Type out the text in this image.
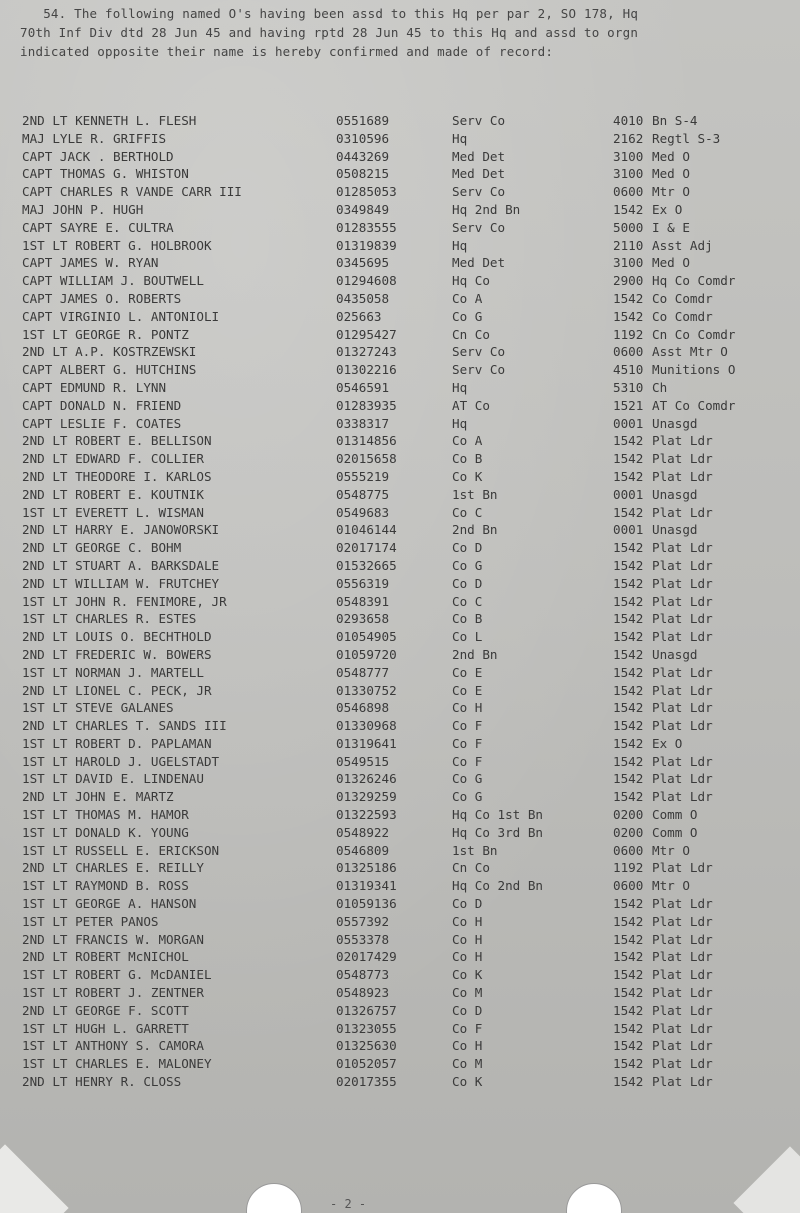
54. The following named O's having been assd to this Hq per par 2, SO 178, Hq
70th Inf Div dtd 28 Jun 45 and having rptd 28 Jun 45 to this Hq and assd to orgn
indicated opposite their name is hereby confirmed and made of record:
2ND LT KENNETH L. FLESH	0551689	Serv Co	4010 Bn S-4
MAJ LYLE R. GRIFFIS	0310596	Hq	2162 Regtl S-3
CAPT JACK . BERTHOLD	0443269	Med Det	3100 Med O
CAPT THOMAS G. WHISTON	0508215	Med Det	3100 Med O
CAPT CHARLES R VANDE CARR III	01285053	Serv Co	0600 Mtr O
MAJ JOHN P. HUGH	0349849	Hq 2nd Bn	1542 Ex O
CAPT SAYRE E. CULTRA	01283555	Serv Co	5000 I & E
1ST LT ROBERT G. HOLBROOK	01319839	Hq	2110 Asst Adj
CAPT JAMES W. RYAN	0345695	Med Det	3100 Med O
CAPT WILLIAM J. BOUTWELL	01294608	Hq Co	2900 Hq Co Comdr
CAPT JAMES O. ROBERTS	0435058	Co A	1542 Co Comdr
CAPT VIRGINIO L. ANTONIOLI	025663	Co G	1542 Co Comdr
1ST LT GEORGE R. PONTZ	01295427	Cn Co	1192 Cn Co Comdr
2ND LT A.P. KOSTRZEWSKI	01327243	Serv Co	0600 Asst Mtr O
CAPT ALBERT G. HUTCHINS	01302216	Serv Co	4510 Munitions O
CAPT EDMUND R. LYNN	0546591	Hq	5310 Ch
CAPT DONALD N. FRIEND	01283935	AT Co	1521 AT Co Comdr
CAPT LESLIE F. COATES	0338317	Hq	0001 Unasgd
2ND LT ROBERT E. BELLISON	01314856	Co A	1542 Plat Ldr
2ND LT EDWARD F. COLLIER	02015658	Co B	1542 Plat Ldr
2ND LT THEODORE I. KARLOS	0555219	Co K	1542 Plat Ldr
2ND LT ROBERT E. KOUTNIK	0548775	1st Bn	0001 Unasgd
1ST LT EVERETT L. WISMAN	0549683	Co C	1542 Plat Ldr
2ND LT HARRY E. JANOWORSKI	01046144	2nd Bn	0001 Unasgd
2ND LT GEORGE C. BOHM	02017174	Co D	1542 Plat Ldr
2ND LT STUART A. BARKSDALE	01532665	Co G	1542 Plat Ldr
2ND LT WILLIAM W. FRUTCHEY	0556319	Co D	1542 Plat Ldr
1ST LT JOHN R. FENIMORE, JR	0548391	Co C	1542 Plat Ldr
1ST LT CHARLES R. ESTES	0293658	Co B	1542 Plat Ldr
2ND LT LOUIS O. BECHTHOLD	01054905	Co L	1542 Plat Ldr
2ND LT FREDERIC W. BOWERS	01059720	2nd Bn	1542 Unasgd
1ST LT NORMAN J. MARTELL	0548777	Co E	1542 Plat Ldr
2ND LT LIONEL C. PECK, JR	01330752	Co E	1542 Plat Ldr
1ST LT STEVE GALANES	0546898	Co H	1542 Plat Ldr
2ND LT CHARLES T. SANDS III	01330968	Co F	1542 Plat Ldr
1ST LT ROBERT D. PAPLAMAN	01319641	Co F	1542 Ex O
1ST LT HAROLD J. UGELSTADT	0549515	Co F	1542 Plat Ldr
1ST LT DAVID E. LINDENAU	01326246	Co G	1542 Plat Ldr
2ND LT JOHN E. MARTZ	01329259	Co G	1542 Plat Ldr
1ST LT THOMAS M. HAMOR	01322593	Hq Co 1st Bn	0200 Comm O
1ST LT DONALD K. YOUNG	0548922	Hq Co 3rd Bn	0200 Comm O
1ST LT RUSSELL E. ERICKSON	0546809	1st Bn	0600 Mtr O
2ND LT CHARLES E. REILLY	01325186	Cn Co	1192 Plat Ldr
1ST LT RAYMOND B. ROSS	01319341	Hq Co 2nd Bn	0600 Mtr O
1ST LT GEORGE A. HANSON	01059136	Co D	1542 Plat Ldr
1ST LT PETER PANOS	0557392	Co H	1542 Plat Ldr
2ND LT FRANCIS W. MORGAN	0553378	Co H	1542 Plat Ldr
2ND LT ROBERT McNICHOL	02017429	Co H	1542 Plat Ldr
1ST LT ROBERT G. McDANIEL	0548773	Co K	1542 Plat Ldr
1ST LT ROBERT J. ZENTNER	0548923	Co M	1542 Plat Ldr
2ND LT GEORGE F. SCOTT	01326757	Co D	1542 Plat Ldr
1ST LT HUGH L. GARRETT	01323055	Co F	1542 Plat Ldr
1ST LT ANTHONY S. CAMORA	01325630	Co H	1542 Plat Ldr
1ST LT CHARLES E. MALONEY	01052057	Co M	1542 Plat Ldr
2ND LT HENRY R. CLOSS	02017355	Co K	1542 Plat Ldr
- 2 -
